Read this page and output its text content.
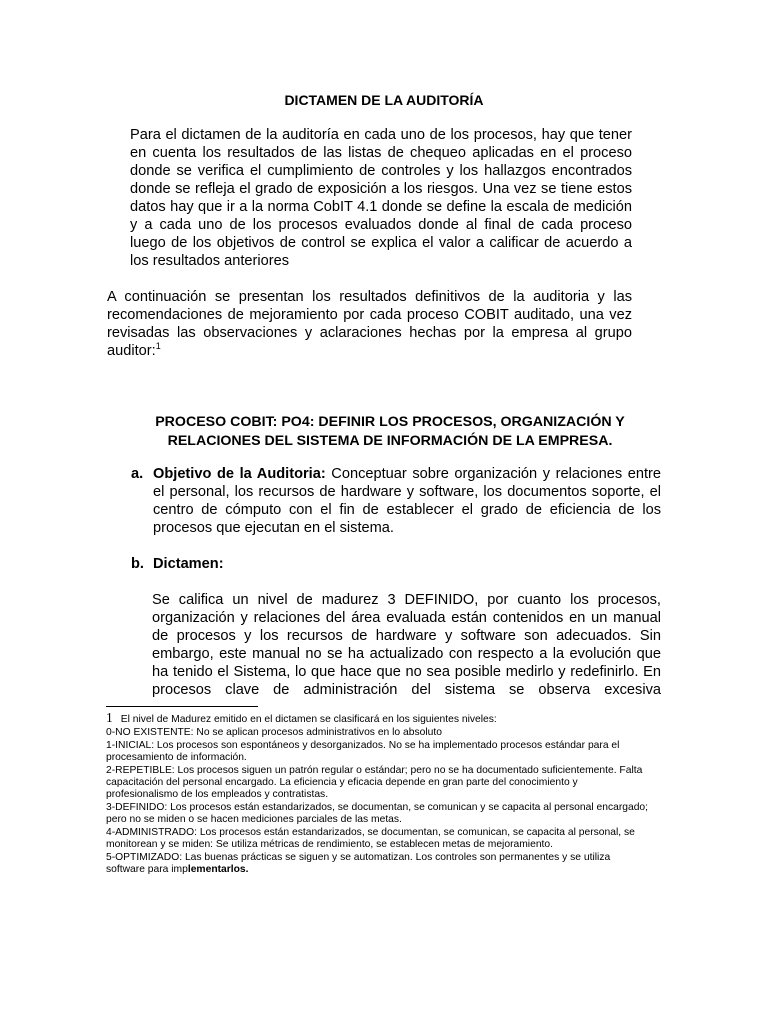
DICTAMEN DE LA AUDITORÍA

Para el dictamen de la auditoría en cada uno de los procesos, hay que tener en cuenta los resultados de las listas de chequeo aplicadas en el proceso donde se verifica el cumplimiento de controles y los hallazgos encontrados donde se refleja el grado de exposición a los riesgos. Una vez se tiene estos datos hay que ir a la norma CobIT 4.1 donde se define la escala de medición y a cada uno de los procesos evaluados donde al final de cada proceso luego de los objetivos de control se explica el valor a calificar de acuerdo a los resultados anteriores

A continuación se presentan los resultados definitivos de la auditoria y las recomendaciones de mejoramiento por cada proceso COBIT auditado, una vez revisadas las observaciones y aclaraciones hechas por la empresa al grupo auditor:$^1$

PROCESO COBIT: PO4: DEFINIR LOS PROCESOS, ORGANIZACIÓN Y RELACIONES DEL SISTEMA DE INFORMACIÓN DE LA EMPRESA.
a. Objetivo de la Auditoria: Conceptuar sobre organización y relaciones entre el personal, los recursos de hardware y software, los documentos soporte, el centro de cómputo con el fin de establecer el grado de eficiencia de los procesos que ejecutan en el sistema.
b. Dictamen:

Se califica un nivel de madurez 3 DEFINIDO, por cuanto los procesos, organización y relaciones del área evaluada están contenidos en un manual de procesos y los recursos de hardware y software son adecuados. Sin embargo, este manual no se ha actualizado con respecto a la evolución que ha tenido el Sistema, lo que hace que no sea posible medirlo y redefinirlo. En procesos clave de administración del sistema se observa excesiva

1 El nivel de Madurez emitido en el dictamen se clasificará en los siguientes niveles:

0-NO EXISTENTE: No se aplican procesos administrativos en lo absoluto

1-INICIAL: Los procesos son espontáneos y desorganizados. No se ha implementado procesos estándar para el procesamiento de información.

2-REPETIBLE: Los procesos siguen un patrón regular o estándar; pero no se ha documentado suficientemente. Falta capacitación del personal encargado. La eficiencia y eficacia depende en gran parte del conocimiento y profesionalismo de los empleados y contratistas.

3-DEFINIDO: Los procesos están estandarizados, se documentan, se comunican y se capacita al personal encargado; pero no se miden o se hacen mediciones parciales de las metas.

4-ADMINISTRADO: Los procesos están estandarizados, se documentan, se comunican, se capacita al personal, se monitorean y se miden: Se utiliza métricas de rendimiento, se establecen metas de mejoramiento.

5-OPTIMIZADO: Las buenas prácticas se siguen y se automatizan. Los controles son permanentes y se utiliza software para implementarlos.
